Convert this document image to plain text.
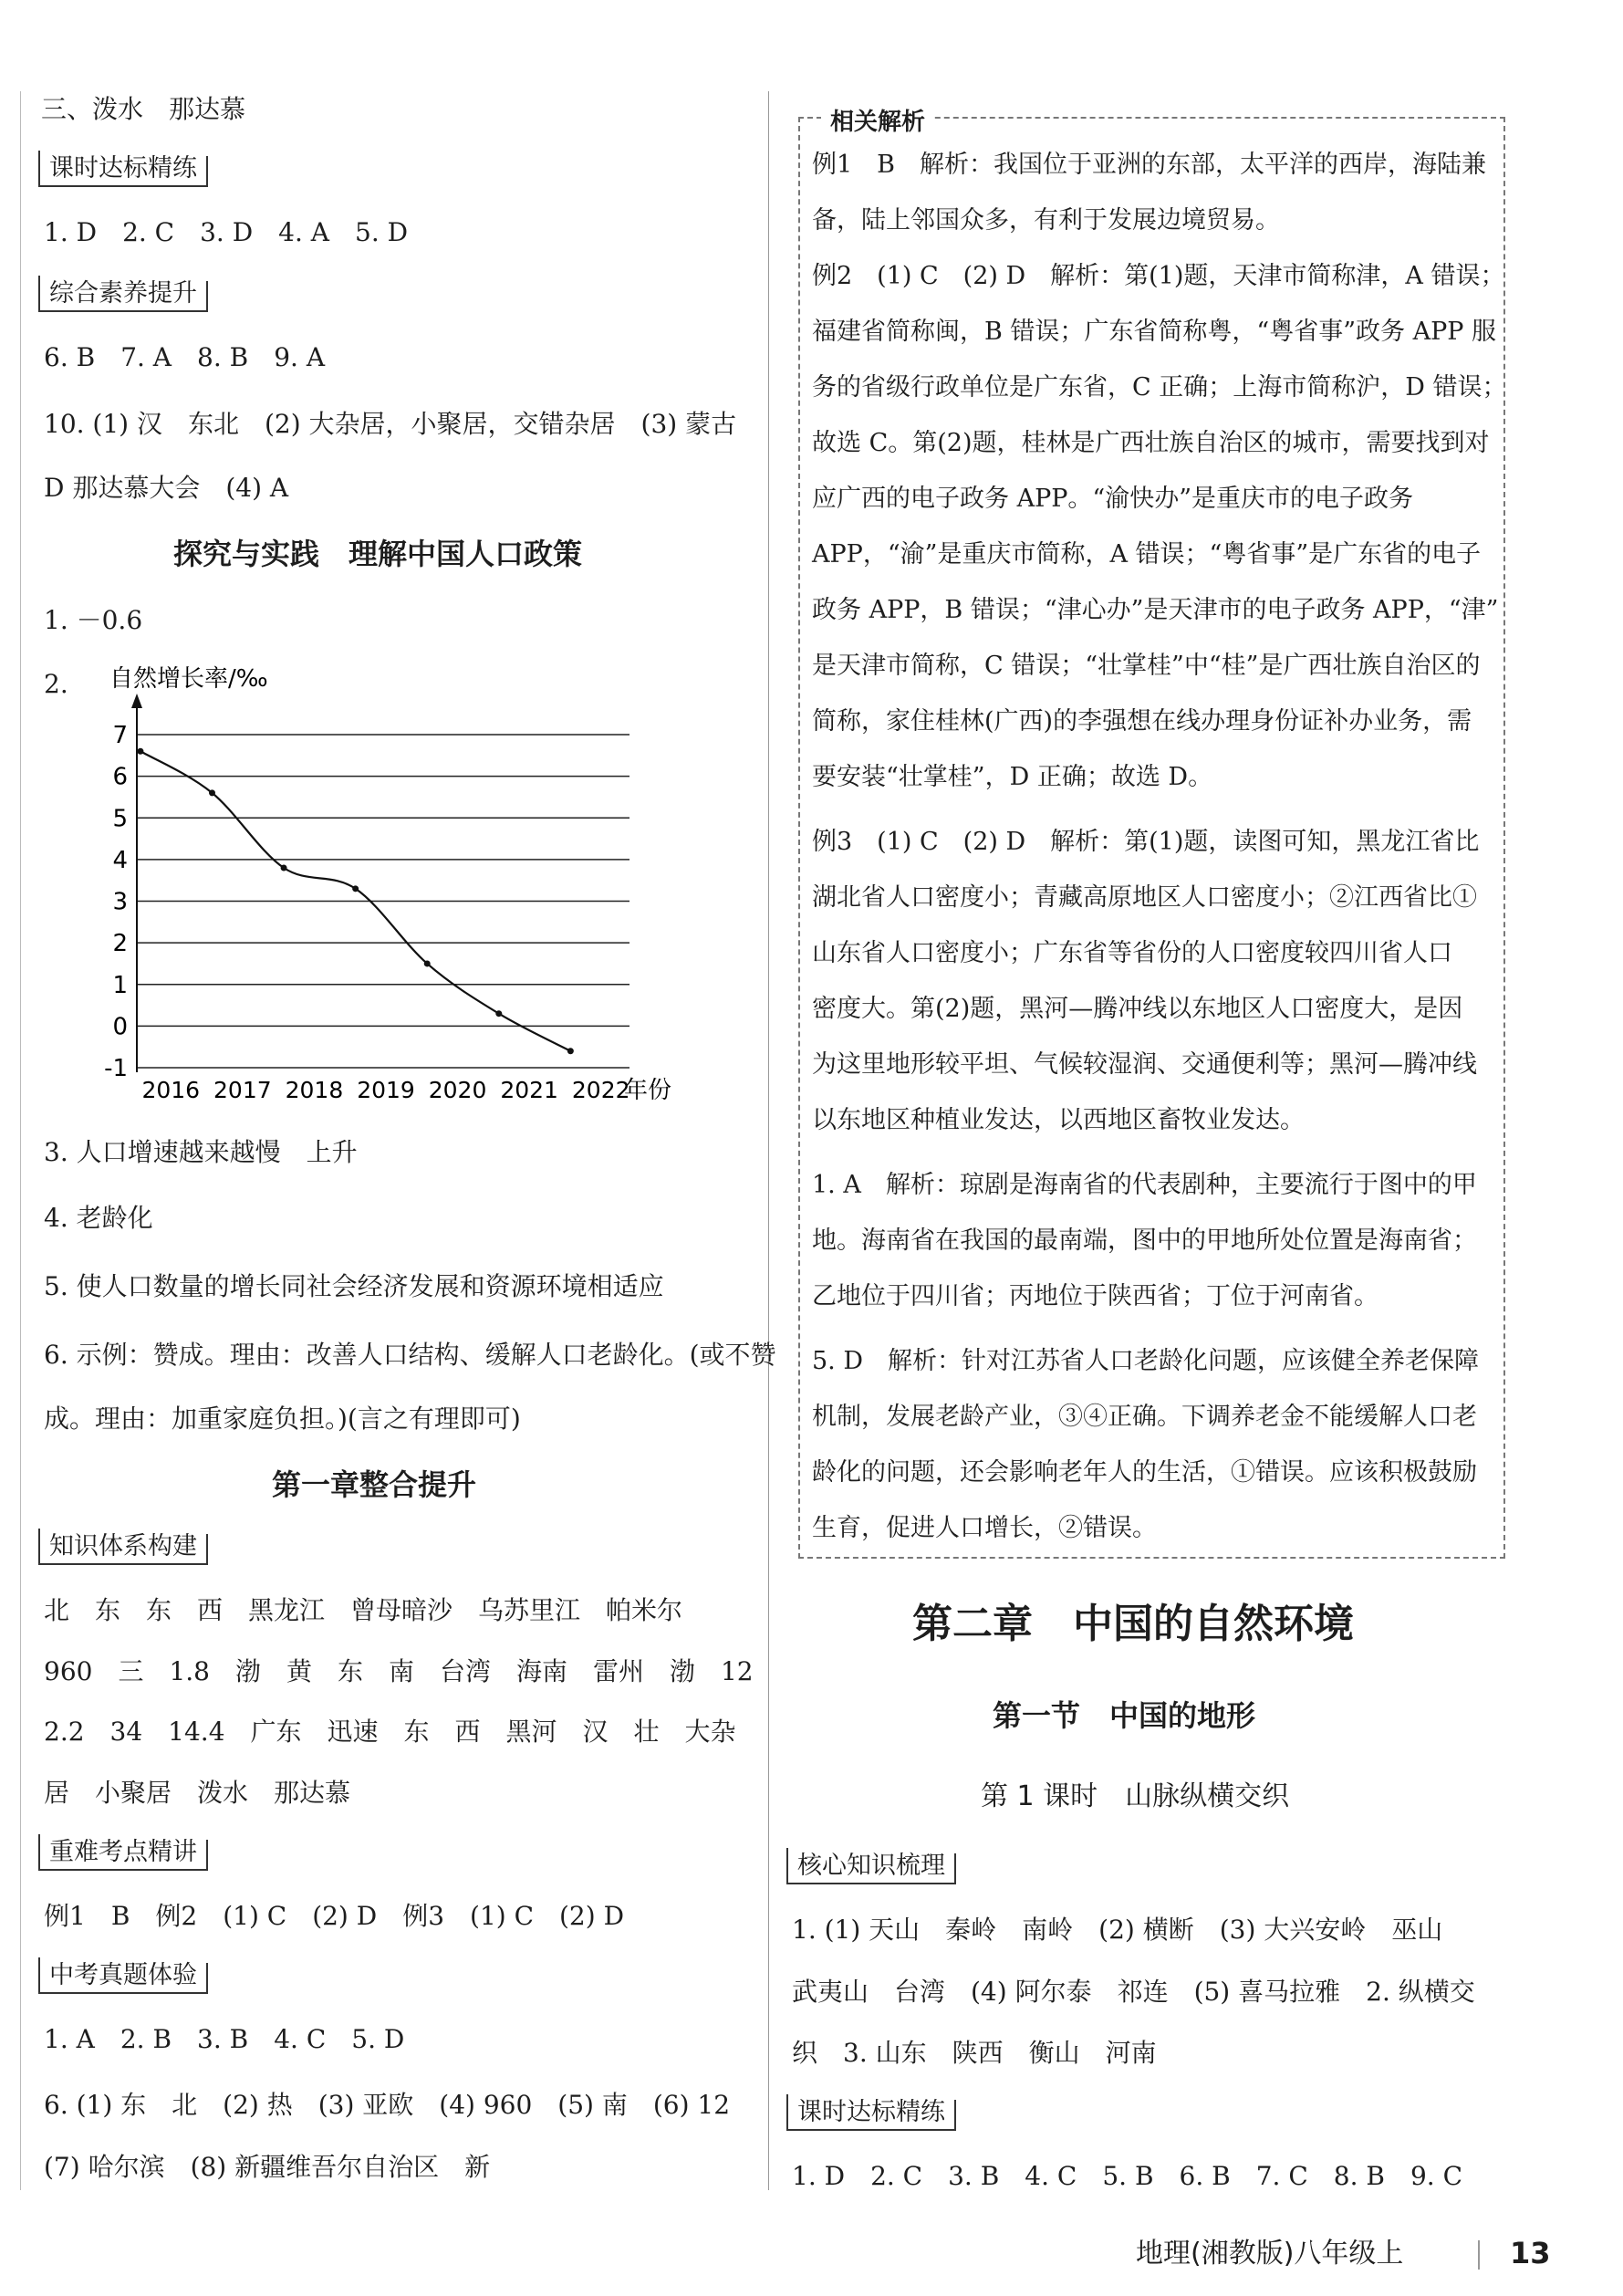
三、泼水　那达慕
课时达标精练
1. D　2. C　3. D　4. A　5. D
综合素养提升
6. B　7. A　8. B　9. A
10. (1) 汉　东北　(2) 大杂居，小聚居，交错杂居　(3) 蒙古
D 那达慕大会　(4) A
探究与实践　理解中国人口政策
1. －0.6
2. 自然增长率/‰
7
6
5
4
3
2
1
0
-1
2016 2017 2018 2019 2020 2021 2022
年份
3. 人口增速越来越慢　上升
4. 老龄化
5. 使人口数量的增长同社会经济发展和资源环境相适应
6. 示例：赞成。理由：改善人口结构、缓解人口老龄化。(或不赞
成。理由：加重家庭负担。)(言之有理即可)
第一章整合提升
知识体系构建
北　东　东　西　黑龙江　曾母暗沙　乌苏里江　帕米尔
960　三　1.8　渤　黄　东　南　台湾　海南　雷州　渤　12
2.2　34　14.4　广东　迅速　东　西　黑河　汉　壮　大杂
居　小聚居　泼水　那达慕
重难考点精讲
例1　B　例2　(1) C　(2) D　例3　(1) C　(2) D
中考真题体验
1. A　2. B　3. B　4. C　5. D
6. (1) 东　北　(2) 热　(3) 亚欧　(4) 960　(5) 南　(6) 12
(7) 哈尔滨　(8) 新疆维吾尔自治区　新
相关解析
例1　B　解析：我国位于亚洲的东部，太平洋的西岸，海陆兼
备，陆上邻国众多，有利于发展边境贸易。
例2　(1) C　(2) D　解析：第(1)题，天津市简称津，A 错误；
福建省简称闽，B 错误；广东省简称粤，“粤省事”政务 APP 服
务的省级行政单位是广东省，C 正确；上海市简称沪，D 错误；
故选 C。第(2)题，桂林是广西壮族自治区的城市，需要找到对
应广西的电子政务 APP。“渝快办”是重庆市的电子政务
APP，“渝”是重庆市简称，A 错误；“粤省事”是广东省的电子
政务 APP，B 错误；“津心办”是天津市的电子政务 APP，“津”
是天津市简称，C 错误；“壮掌桂”中“桂”是广西壮族自治区的
简称，家住桂林(广西)的李强想在线办理身份证补办业务，需
要安装“壮掌桂”，D 正确；故选 D。
例3　(1) C　(2) D　解析：第(1)题，读图可知，黑龙江省比
湖北省人口密度小；青藏高原地区人口密度小；②江西省比①
山东省人口密度小；广东省等省份的人口密度较四川省人口
密度大。第(2)题，黑河—腾冲线以东地区人口密度大，是因
为这里地形较平坦、气候较湿润、交通便利等；黑河—腾冲线
以东地区种植业发达，以西地区畜牧业发达。
1. A　解析：琼剧是海南省的代表剧种，主要流行于图中的甲
地。海南省在我国的最南端，图中的甲地所处位置是海南省；
乙地位于四川省；丙地位于陕西省；丁位于河南省。
5. D　解析：针对江苏省人口老龄化问题，应该健全养老保障
机制，发展老龄产业，③④正确。下调养老金不能缓解人口老
龄化的问题，还会影响老年人的生活，①错误。应该积极鼓励
生育，促进人口增长，②错误。
第二章　中国的自然环境
第一节　中国的地形
第 1 课时　山脉纵横交织
核心知识梳理
1. (1) 天山　秦岭　南岭　(2) 横断　(3) 大兴安岭　巫山
武夷山　台湾　(4) 阿尔泰　祁连　(5) 喜马拉雅　2. 纵横交
织　3. 山东　陕西　衡山　河南
课时达标精练
1. D　2. C　3. B　4. C　5. B　6. B　7. C　8. B　9. C
地理(湘教版)八年级上	13
